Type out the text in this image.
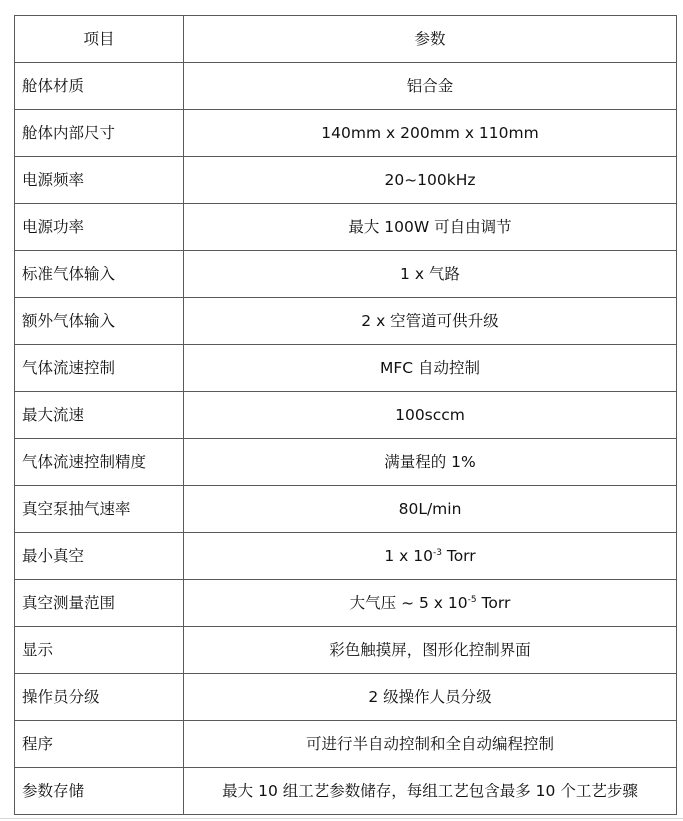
项目	参数
舱体材质	铝合金
舱体内部尺寸	140mm x 200mm x 110mm
电源频率	20~100kHz
电源功率	最大 100W 可自由调节
标准气体输入	1 x 气路
额外气体输入	2 x 空管道可供升级
气体流速控制	MFC 自动控制
最大流速	100sccm
气体流速控制精度	满量程的 1%
真空泵抽气速率	80L/min
最小真空	1 x $10^{-3}$ Torr
真空测量范围	大气压 ~ 5 x $10^{-5}$ Torr
显示	彩色触摸屏，图形化控制界面
操作员分级	2 级操作人员分级
程序	可进行半自动控制和全自动编程控制
参数存储	最大 10 组工艺参数储存，每组工艺包含最多 10 个工艺步骤
